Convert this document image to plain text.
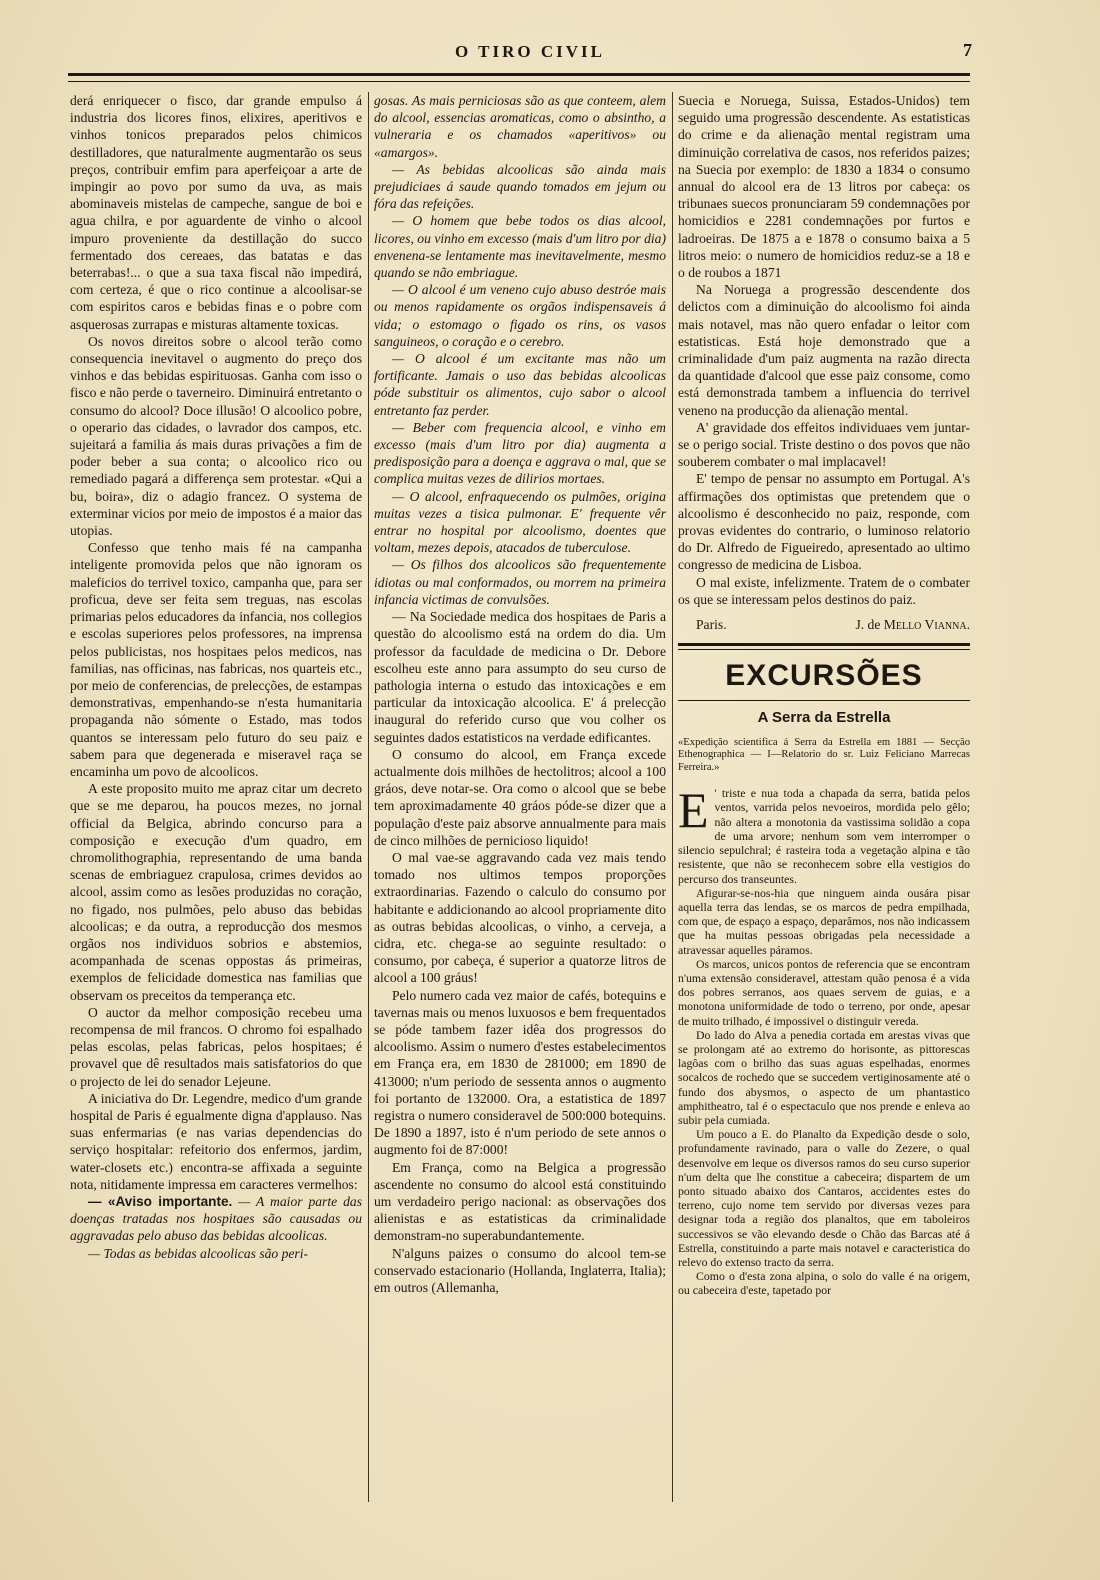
O TIRO CIVIL	7

derá enriquecer o fisco, dar grande empulso á industria dos licores finos, elixires, aperitivos e vinhos tonicos preparados pelos chimicos destilladores, que naturalmente augmentarão os seus preços, contribuir emfim para aperfeiçoar a arte de impingir ao povo por sumo da uva, as mais abominaveis mistelas de campeche, sangue de boi e agua chilra, e por aguardente de vinho o alcool impuro proveniente da destillação do succo fermentado dos cereaes, das batatas e das beterrabas!... o que a sua taxa fiscal não impedirá, com certeza, é que o rico continue a alcoolisar-se com espiritos caros e bebidas finas e o pobre com asquerosas zurrapas e misturas altamente toxicas.

Os novos direitos sobre o alcool terão como consequencia inevitavel o augmento do preço dos vinhos e das bebidas espirituosas. Ganha com isso o fisco e não perde o taverneiro. Diminuirá entretanto o consumo do alcool? Doce illusão! O alcoolico pobre, o operario das cidades, o lavrador dos campos, etc. sujeitará a familia ás mais duras privações a fim de poder beber a sua conta; o alcoolico rico ou remediado pagará a differença sem protestar. «Qui a bu, boira», diz o adagio francez. O systema de exterminar vicios por meio de impostos é a maior das utopias.

Confesso que tenho mais fé na campanha inteligente promovida pelos que não ignoram os maleficios do terrivel toxico, campanha que, para ser proficua, deve ser feita sem treguas, nas escolas primarias pelos educadores da infancia, nos collegios e escolas superiores pelos professores, na imprensa pelos publicistas, nos hospitaes pelos medicos, nas familias, nas officinas, nas fabricas, nos quarteis etc., por meio de conferencias, de prelecções, de estampas demonstrativas, empenhando-se n'esta humanitaria propaganda não sómente o Estado, mas todos quantos se interessam pelo futuro do seu paiz e sabem para que degenerada e miseravel raça se encaminha um povo de alcoolicos.

A este proposito muito me apraz citar um decreto que se me deparou, ha poucos mezes, no jornal official da Belgica, abrindo concurso para a composição e execução d'um quadro, em chromolithographia, representando de uma banda scenas de embriaguez crapulosa, crimes devidos ao alcool, assim como as lesões produzidas no coração, no figado, nos pulmões, pelo abuso das bebidas alcoolicas; e da outra, a reproducção dos mesmos orgãos nos individuos sobrios e abstemios, acompanhada de scenas oppostas ás primeiras, exemplos de felicidade domestica nas familias que observam os preceitos da temperança etc.

O auctor da melhor composição recebeu uma recompensa de mil francos. O chromo foi espalhado pelas escolas, pelas fabricas, pelos hospitaes; é provavel que dê resultados mais satisfatorios do que o projecto de lei do senador Lejeune.

A iniciativa do Dr. Legendre, medico d'um grande hospital de Paris é egualmente digna d'applauso. Nas suas enfermarias (e nas varias dependencias do serviço hospitalar: refeitorio dos enfermos, jardim, water-closets etc.) encontra-se affixada a seguinte nota, nitidamente impressa em caracteres vermelhos:

— «Aviso importante. — A maior parte das doenças tratadas nos hospitaes são causadas ou aggravadas pelo abuso das bebidas alcoolicas.

— Todas as bebidas alcoolicas são peri-

gosas. As mais perniciosas são as que conteem, alem do alcool, essencias aromaticas, como o absintho, a vulneraria e os chamados «aperitivos» ou «amargos».

— As bebidas alcoolicas são ainda mais prejudiciaes á saude quando tomados em jejum ou fóra das refeições.

— O homem que bebe todos os dias alcool, licores, ou vinho em excesso (mais d'um litro por dia) envenena-se lentamente mas inevitavelmente, mesmo quando se não embriague.

— O alcool é um veneno cujo abuso destróe mais ou menos rapidamente os orgãos indispensaveis á vida; o estomago o figado os rins, os vasos sanguineos, o coração e o cerebro.

— O alcool é um excitante mas não um fortificante. Jamais o uso das bebidas alcoolicas póde substituir os alimentos, cujo sabor o alcool entretanto faz perder.

— Beber com frequencia alcool, e vinho em excesso (mais d'um litro por dia) augmenta a predisposição para a doença e aggrava o mal, que se complica muitas vezes de dilirios mortaes.

— O alcool, enfraquecendo os pulmões, origina muitas vezes a tisica pulmonar. E' frequente vêr entrar no hospital por alcoolismo, doentes que voltam, mezes depois, atacados de tuberculose.

— Os filhos dos alcoolicos são frequentemente idiotas ou mal conformados, ou morrem na primeira infancia victimas de convulsões.

— Na Sociedade medica dos hospitaes de Paris a questão do alcoolismo está na ordem do dia. Um professor da faculdade de medicina o Dr. Debore escolheu este anno para assumpto do seu curso de pathologia interna o estudo das intoxicações e em particular da intoxicação alcoolica. E' á prelecção inaugural do referido curso que vou colher os seguintes dados estatisticos na verdade edificantes.

O consumo do alcool, em França excede actualmente dois milhões de hectolitros; alcool a 100 gráos, deve notar-se. Ora como o alcool que se bebe tem aproximadamente 40 gráos póde-se dizer que a população d'este paiz absorve annualmente para mais de cinco milhões de pernicioso liquido!

O mal vae-se aggravando cada vez mais tendo tomado nos ultimos tempos proporções extraordinarias. Fazendo o calculo do consumo por habitante e addicionando ao alcool propriamente dito as outras bebidas alcoolicas, o vinho, a cerveja, a cidra, etc. chega-se ao seguinte resultado: o consumo, por cabeça, é superior a quatorze litros de alcool a 100 gráus!

Pelo numero cada vez maior de cafés, botequins e tavernas mais ou menos luxuosos e bem frequentados se póde tambem fazer idêa dos progressos do alcoolismo. Assim o numero d'estes estabelecimentos em França era, em 1830 de 281000; em 1890 de 413000; n'um periodo de sessenta annos o augmento foi portanto de 132000. Ora, a estatistica de 1897 registra o numero consideravel de 500:000 botequins. De 1890 a 1897, isto é n'um periodo de sete annos o augmento foi de 87:000!

Em França, como na Belgica a progressão ascendente no consumo do alcool está constituindo um verdadeiro perigo nacional: as observações dos alienistas e as estatisticas da criminalidade demonstram-no superabundantemente.

N'alguns paizes o consumo do alcool tem-se conservado estacionario (Hollanda, Inglaterra, Italia); em outros (Allemanha,

Suecia e Noruega, Suissa, Estados-Unidos) tem seguido uma progressão descendente. As estatisticas do crime e da alienação mental registram uma diminuição correlativa de casos, nos referidos paizes; na Suecia por exemplo: de 1830 a 1834 o consumo annual do alcool era de 13 litros por cabeça: os tribunaes suecos pronunciaram 59 condemnações por homicidios e 2281 condemnações por furtos e ladroeiras. De 1875 a e 1878 o consumo baixa a 5 litros meio: o numero de homicidios reduz-se a 18 e o de roubos a 1871

Na Noruega a progressão descendente dos delictos com a diminuição do alcoolismo foi ainda mais notavel, mas não quero enfadar o leitor com estatisticas. Está hoje demonstrado que a criminalidade d'um paiz augmenta na razão directa da quantidade d'alcool que esse paiz consome, como está demonstrada tambem a influencia do terrivel veneno na producção da alienação mental.

A' gravidade dos effeitos individuaes vem juntar-se o perigo social. Triste destino o dos povos que não souberem combater o mal implacavel!

E' tempo de pensar no assumpto em Portugal. A's affirmações dos optimistas que pretendem que o alcoolismo é desconhecido no paiz, responde, com provas evidentes do contrario, o luminoso relatorio do Dr. Alfredo de Figueiredo, apresentado ao ultimo congresso de medicina de Lisboa.

O mal existe, infelizmente. Tratem de o combater os que se interessam pelos destinos do paiz.

Paris.	J. de Mello Vianna.

EXCURSÕES
A Serra da Estrella

«Expedição scientifica á Serra da Estrella em 1881 — Secção Ethenographica — I—Relatorio do sr. Luiz Feliciano Marrecas Ferreira.»

E ' triste e nua toda a chapada da serra, batida pelos ventos, varrida pelos nevoeiros, mordida pelo gêlo; não altera a monotonia da vastissima solidão a copa de uma arvore; nenhum som vem interromper o silencio sepulchral; é rasteira toda a vegetação alpina e tão resistente, que não se reconhecem sobre ella vestigios do percurso dos transeuntes.

Afigurar-se-nos-hia que ninguem ainda ousára pisar aquella terra das lendas, se os marcos de pedra empilhada, com que, de espaço a espaço, deparâmos, nos não indicassem que ha muitas pessoas obrigadas pela necessidade a atravessar aquelles páramos.

Os marcos, unicos pontos de referencia que se encontram n'uma extensão consideravel, attestam quão penosa é a vida dos pobres serranos, aos quaes servem de guias, e a monotona uniformidade de todo o terreno, por onde, apesar de muito trilhado, é impossivel o distinguir vereda.

Do lado do Alva a penedia cortada em arestas vivas que se prolongam até ao extremo do horisonte, as pittorescas lagôas com o brilho das suas aguas espelhadas, enormes socalcos de rochedo que se succedem vertiginosamente até o fundo dos abysmos, o aspecto de um phantastico amphitheatro, tal é o espectaculo que nos prende e enleva ao subir pela cumiada.

Um pouco a E. do Planalto da Expedição desde o solo, profundamente ravinado, para o valle do Zezere, o qual desenvolve em leque os diversos ramos do seu curso superior n'um delta que lhe constitue a cabeceira; dispartem de um ponto situado abaixo dos Cantaros, accidentes estes do terreno, cujo nome tem servido por diversas vezes para designar toda a região dos planaltos, que em taboleiros successivos se vão elevando desde o Chão das Barcas até á Estrella, constituindo a parte mais notavel e caracteristica do relevo do extenso tracto da serra.

Como o d'esta zona alpina, o solo do valle é na origem, ou cabeceira d'este, tapetado por
